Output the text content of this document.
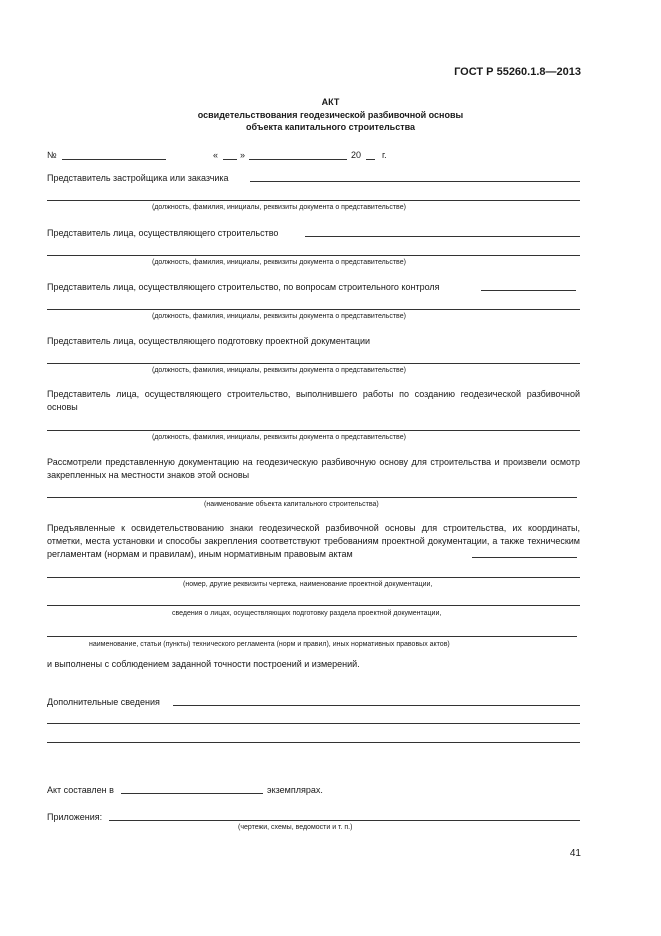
ГОСТ Р 55260.1.8—2013
АКТ
освидетельствования геодезической разбивочной основы
объекта капитального строительства
№	« »	20 г.
Представитель застройщика или заказчика
(должность, фамилия, инициалы, реквизиты документа о представительстве)
Представитель лица, осуществляющего строительство
(должность, фамилия, инициалы, реквизиты документа о представительстве)
Представитель лица, осуществляющего строительство, по вопросам строительного контроля
(должность, фамилия, инициалы, реквизиты документа о представительстве)
Представитель лица, осуществляющего подготовку проектной документации
(должность, фамилия, инициалы, реквизиты документа о представительстве)
Представитель лица, осуществляющего строительство, выполнившего работы по созданию геодезической разбивочной основы
(должность, фамилия, инициалы, реквизиты документа о представительстве)
Рассмотрели представленную документацию на геодезическую разбивочную основу для строительства и произвели осмотр закрепленных на местности знаков этой основы
(наименование объекта капитального строительства)
Предъявленные к освидетельствованию знаки геодезической разбивочной основы для строительства, их координаты, отметки, места установки и способы закрепления соответствуют требованиям проектной документации, а также техническим регламентам (нормам и правилам), иным нормативным правовым актам
(номер, другие реквизиты чертежа, наименование проектной документации,
сведения о лицах, осуществляющих подготовку раздела проектной документации,
наименование, статьи (пункты) технического регламента (норм и правил), иных нормативных правовых актов)
и выполнены с соблюдением заданной точности построений и измерений.
Дополнительные сведения
Акт составлен в	экземплярах.
Приложения:
(чертежи, схемы, ведомости и т. п.)
41
